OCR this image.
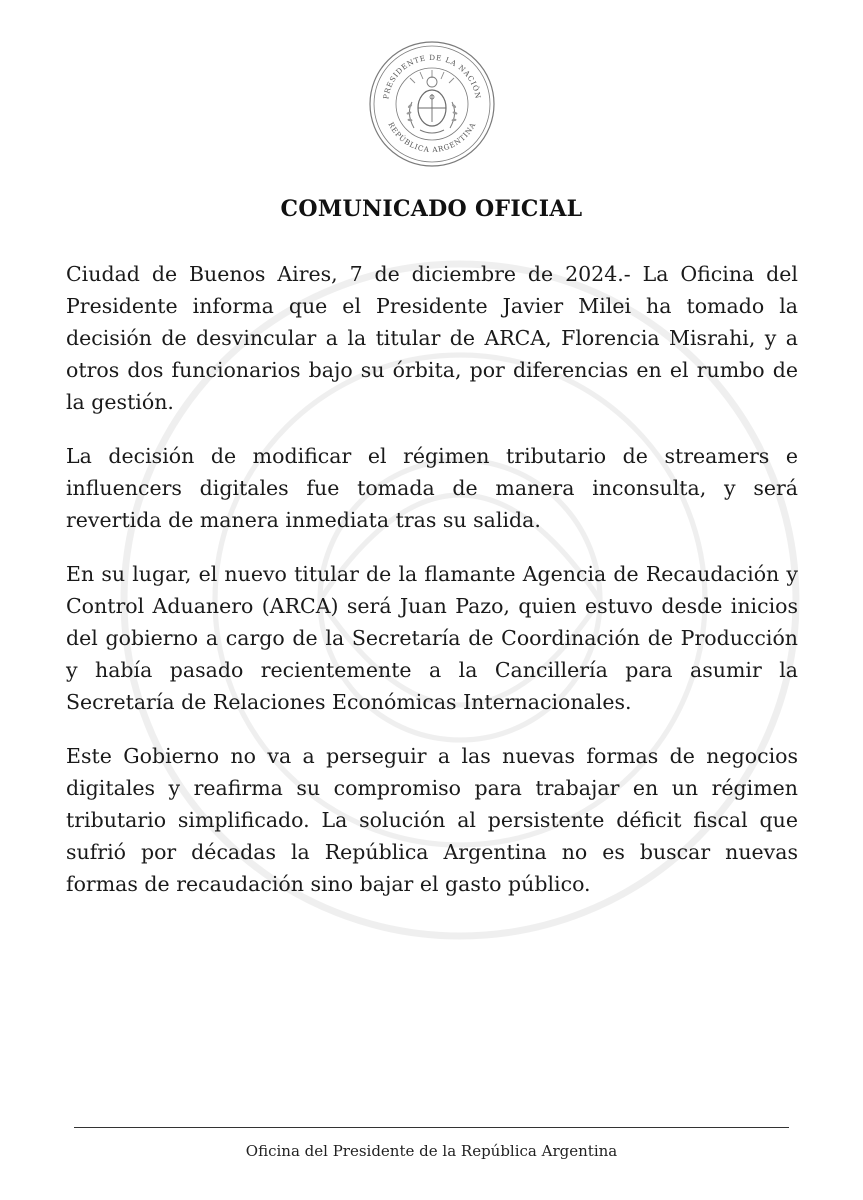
PRESIDENTE DE LA NACIÓN
REPÚBLICA ARGENTINA
COMUNICADO OFICIAL

Ciudad de Buenos Aires, 7 de diciembre de 2024.- La Oficina del Presidente informa que el Presidente Javier Milei ha tomado la decisión de desvincular a la titular de ARCA, Florencia Misrahi, y a otros dos funcionarios bajo su órbita, por diferencias en el rumbo de la gestión.

La decisión de modificar el régimen tributario de streamers e influencers digitales fue tomada de manera inconsulta, y será revertida de manera inmediata tras su salida.

En su lugar, el nuevo titular de la flamante Agencia de Recaudación y Control Aduanero (ARCA) será Juan Pazo, quien estuvo desde inicios del gobierno a cargo de la Secretaría de Coordinación de Producción y había pasado recientemente a la Cancillería para asumir la Secretaría de Relaciones Económicas Internacionales.

Este Gobierno no va a perseguir a las nuevas formas de negocios digitales y reafirma su compromiso para trabajar en un régimen tributario simplificado. La solución al persistente déficit fiscal que sufrió por décadas la República Argentina no es buscar nuevas formas de recaudación sino bajar el gasto público.

Oficina del Presidente de la República Argentina
